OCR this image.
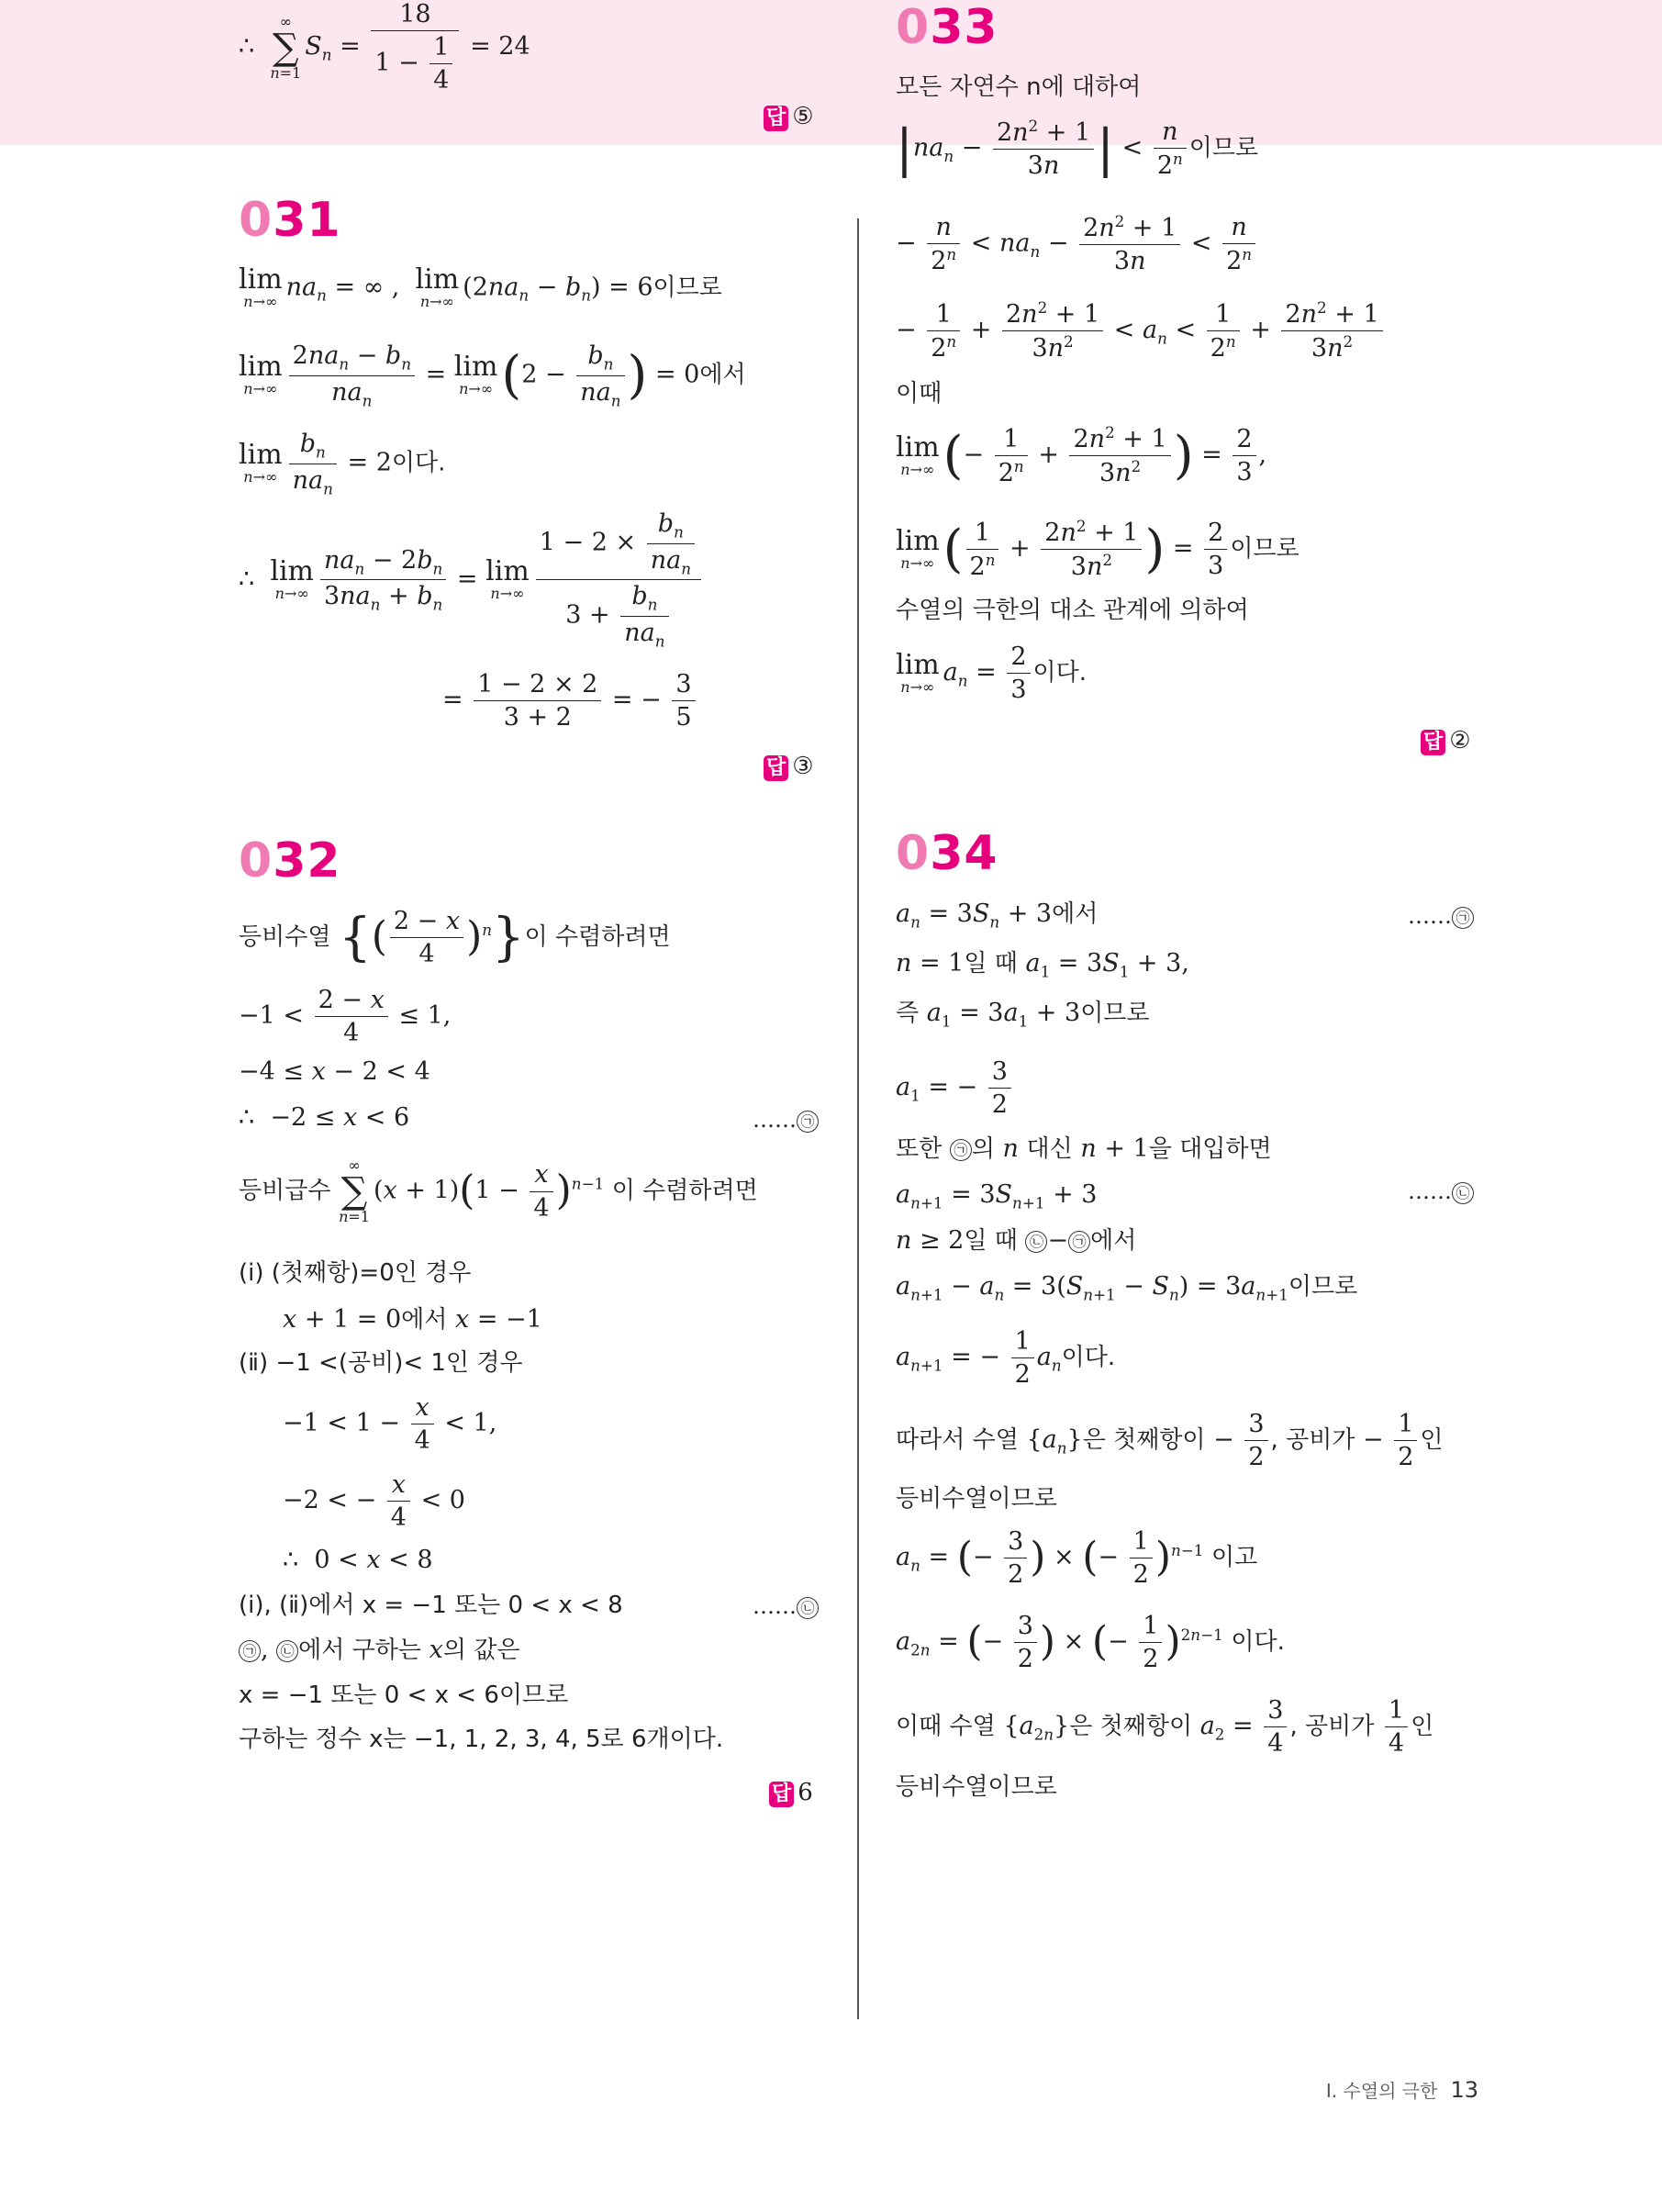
∴
∞
∑
n=1
$S_n = \frac{18}{1 - \frac{1}{4}} = 24$
답 ⑤
031
lim
n→∞
$na_n$ = ∞ , lim
n→∞
$(2na_n - b_n) = 6$이므로
lim
$n\to\infty \frac{2na_n - b_n}{na_n} = \lim$
n→∞ ($2 - \frac{b_n}{na_n}$ ) = 0에서
lim
$n\to\infty \frac{b_n}{na_n} = 2$이다.
∴ lim
$n\to\infty \frac{na_n - 2b_n}{3na_n + b_n} = \lim$
$n\to\infty \frac{1 - 2 \times \frac{b_n}{na_n}}{3 + \frac{b_n}{na_n}}$
= $\frac{1 - 2 \times 2}{3 + 2}$ = − $\frac{3}{5}$
답 ③
032
등비수열 {( $\frac{2 - x}{4} )^n$}이 수렴하려면
$-1 < \frac{2 - x}{4} \le 1$,
−4 ≤ x − 2 < 4
∴  −2 ≤ x < 6	…… ㉠
등비급수
∞
∑
n=1
$(x + 1)(1 - \frac{x}{4} )^{n-1}$ 이 수렴하려면
(ⅰ) (첫째항)=0인 경우
x + 1 = 0에서 x = −1
(ⅱ) −1 <(공비)< 1인 경우
$-1 < 1 - \frac{x}{4} < 1$,
−2 < − $\frac{x}{4} < 0$
∴  0 < x < 8
(ⅰ), (ⅱ)에서 x = −1 또는 0 < x < 8	…… ㉡
㉠ , ㉡ 에서 구하는 x의 값은
x = −1 또는 0 < x < 6이므로
구하는 정수 x는 −1, 1, 2, 3, 4, 5로 6개이다.
답 6
033
모든 자연수 n에 대하여
$|na_n - \frac{2n^2 + 1}{3n}$ | < $\frac{n}{2^n}$ 이므로
− $\frac{n}{2^n} < na_n - \frac{2n^2 + 1}{3n} < \frac{n}{2^n}$
− $\frac{1}{2^n} + \frac{2n^2 + 1}{3n^2} < a_n < \frac{1}{2^n} + \frac{2n^2 + 1}{3n^2}$
이때
lim
n→∞ (− $\frac{1}{2^n} + \frac{2n^2 + 1}{3n^2}$ ) = $\frac{2}{3}$ ,
lim
n→∞ ( $\frac{1}{2^n} + \frac{2n^2 + 1}{3n^2}$ ) = $\frac{2}{3}$ 이므로
수열의 극한의 대소 관계에 의하여
lim
n→∞
$a_n = \frac{2}{3}$ 이다.
답 ②
034
$a_n = 3S_n + 3$에서	…… ㉠
n = 1일 때 $a_1 = 3S_1 + 3$,
즉 $a_1 = 3a_1 + 3$이므로
$a_1$ = − $\frac{3}{2}$
또한 ㉠ 의 n 대신 n + 1을 대입하면
$a_{n+1} = 3S_{n+1} + 3$	…… ㉡
n ≥ 2일 때 ㉡ − ㉠ 에서
$a_{n+1} - a_n = 3(S_{n+1} - S_n) = 3a_{n+1}$이므로
$a_{n+1}$ = − $\frac{1}{2} a_n$이다.
따라서 수열 $\{a_n\}$은 첫째항이 − $\frac{3}{2}$ , 공비가 − $\frac{1}{2}$ 인
등비수열이므로
$a_n$ = (− $\frac{3}{2}$ ) × (− $\frac{1}{2} )^{n-1}$ 이고
$a_{2n}$ = (− $\frac{3}{2}$ ) × (− $\frac{1}{2} )^{2n-1}$ 이다.
이때 수열 $\{a_{2n}\}$은 첫째항이 $a_2 = \frac{3}{4}$ , 공비가 $\frac{1}{4}$ 인
등비수열이므로
Ⅰ. 수열의 극한 13
